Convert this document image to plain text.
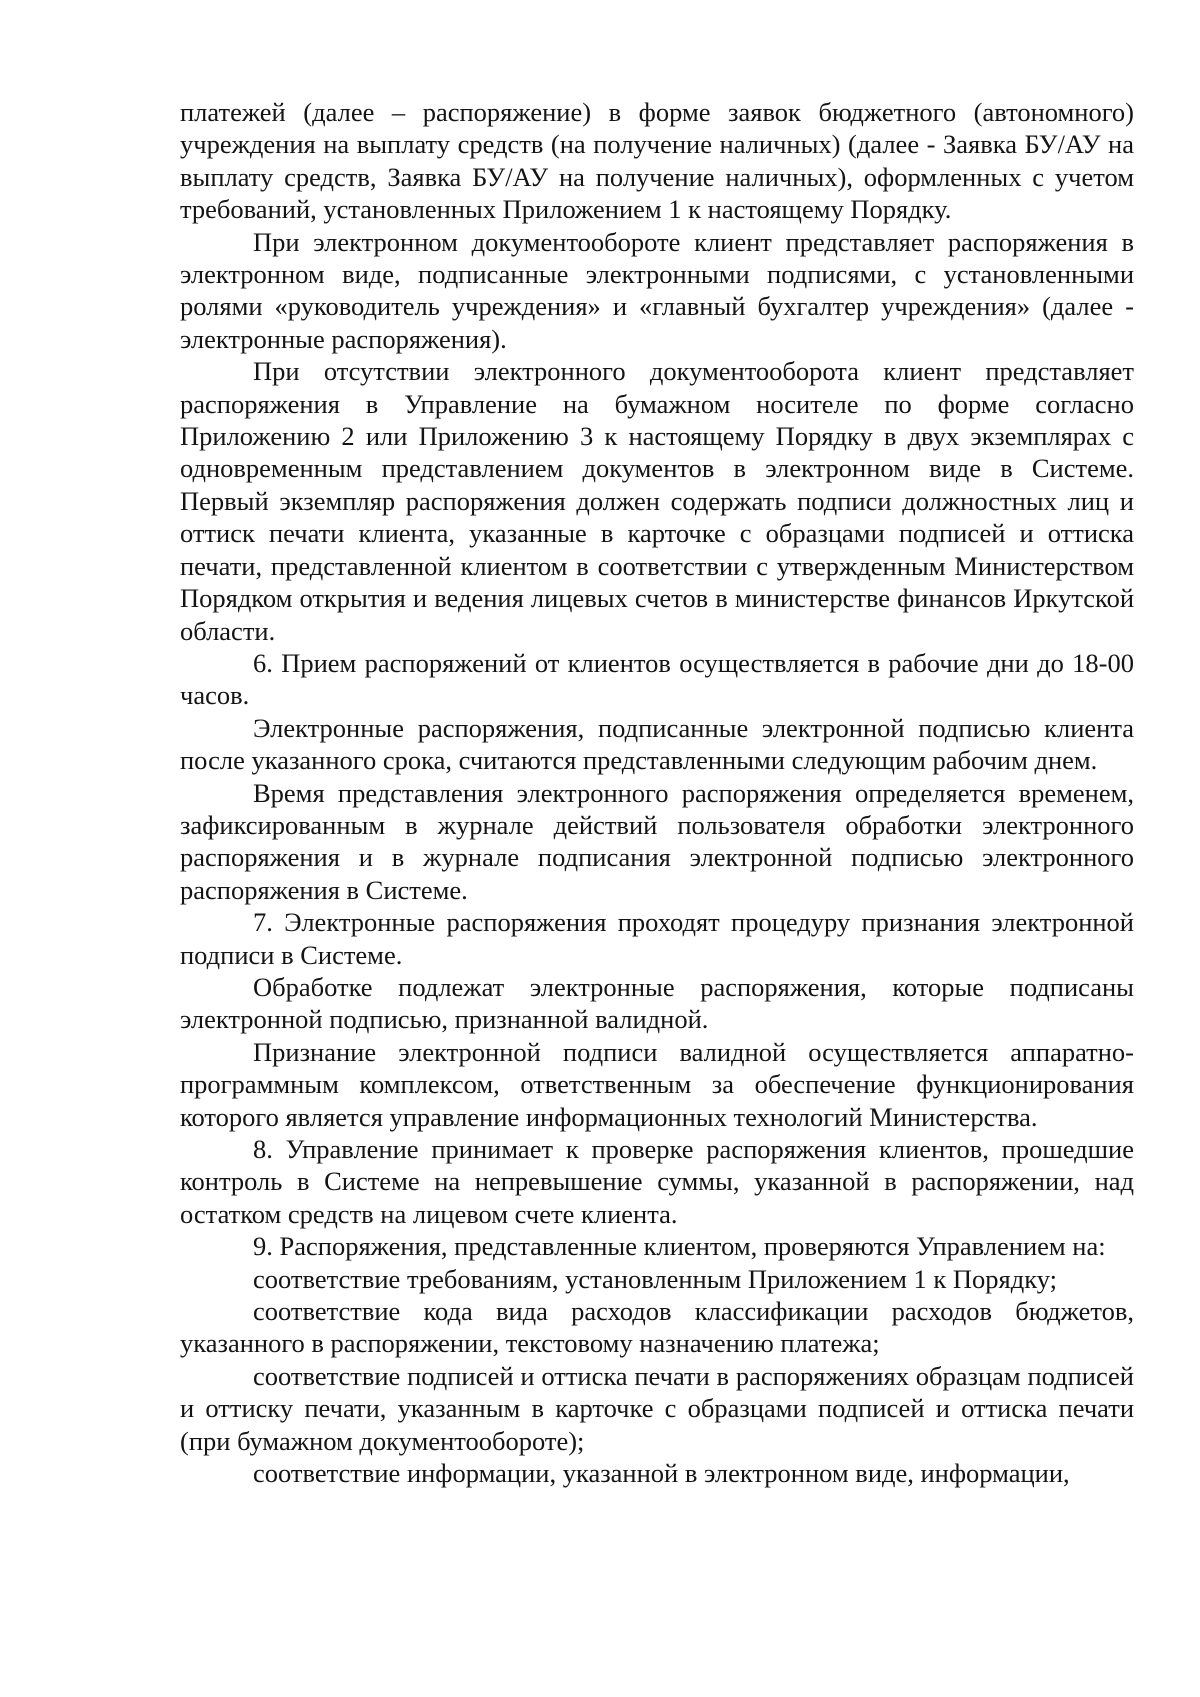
платежей (далее – распоряжение) в форме заявок бюджетного (автономного) учреждения на выплату средств (на получение наличных) (далее - Заявка БУ/АУ на выплату средств, Заявка БУ/АУ на получение наличных), оформленных с учетом требований, установленных Приложением 1 к настоящему Порядку.

При электронном документообороте клиент представляет распоряжения в электронном виде, подписанные электронными подписями, с установленными ролями «руководитель учреждения» и «главный бухгалтер учреждения» (далее - электронные распоряжения).

При отсутствии электронного документооборота клиент представляет распоряжения в Управление на бумажном носителе по форме согласно Приложению 2 или Приложению 3 к настоящему Порядку в двух экземплярах с одновременным представлением документов в электронном виде в Системе. Первый экземпляр распоряжения должен содержать подписи должностных лиц и оттиск печати клиента, указанные в карточке с образцами подписей и оттиска печати, представленной клиентом в соответствии с утвержденным Министерством Порядком открытия и ведения лицевых счетов в министерстве финансов Иркутской области.

6. Прием распоряжений от клиентов осуществляется в рабочие дни до 18-00 часов.

Электронные распоряжения, подписанные электронной подписью клиента после указанного срока, считаются представленными следующим рабочим днем.

Время представления электронного распоряжения определяется временем, зафиксированным в журнале действий пользователя обработки электронного распоряжения и в журнале подписания электронной подписью электронного распоряжения в Системе.

7. Электронные распоряжения проходят процедуру признания электронной подписи в Системе.

Обработке подлежат электронные распоряжения, которые подписаны электронной подписью, признанной валидной.

Признание электронной подписи валидной осуществляется аппаратно-программным комплексом, ответственным за обеспечение функционирования которого является управление информационных технологий Министерства.

8. Управление принимает к проверке распоряжения клиентов, прошедшие контроль в Системе на непревышение суммы, указанной в распоряжении, над остатком средств на лицевом счете клиента.

9. Распоряжения, представленные клиентом, проверяются Управлением на:

соответствие требованиям, установленным Приложением 1 к Порядку;

соответствие кода вида расходов классификации расходов бюджетов, указанного в распоряжении, текстовому назначению платежа;

соответствие подписей и оттиска печати в распоряжениях образцам подписей и оттиску печати, указанным в карточке с образцами подписей и оттиска печати (при бумажном документообороте);

соответствие информации, указанной в электронном виде, информации,
